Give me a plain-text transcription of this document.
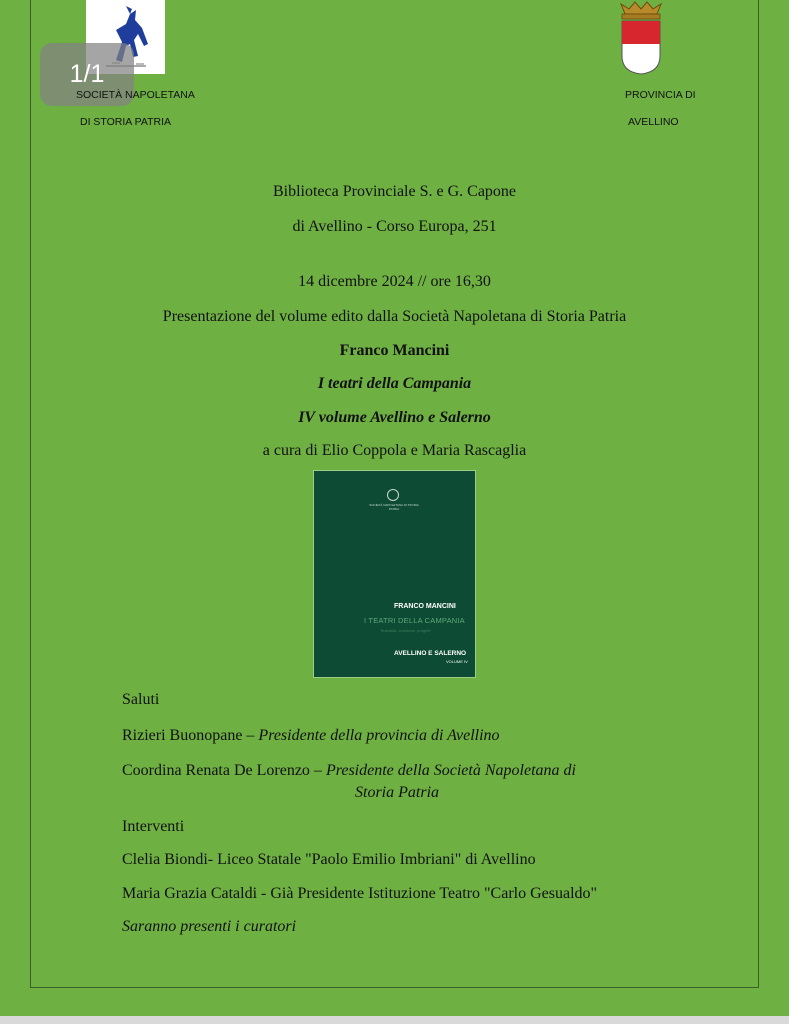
1/1
SOCIETÀ NAPOLETANA
DI STORIA PATRIA
PROVINCIA DI
AVELLINO
Biblioteca Provinciale S. e G. Capone
di Avellino - Corso Europa, 251
14 dicembre 2024 // ore 16,30
Presentazione del volume edito dalla Società Napoletana di Storia Patria
Franco Mancini
I teatri della Campania
IV volume Avellino e Salerno
a cura di Elio Coppola e Maria Rascaglia
SOCIETÀ NAPOLETANA DI STORIA PATRIA
FRANCO MANCINI
I TEATRI DELLA CAMPANIA
Teatralità, cronache, progetti
AVELLINO E SALERNO
VOLUME IV
Saluti
Rizieri Buonopane – Presidente della provincia di Avellino
Coordina Renata De Lorenzo – Presidente della Società Napoletana di
Storia Patria
Interventi
Clelia Biondi- Liceo Statale "Paolo Emilio Imbriani" di Avellino
Maria Grazia Cataldi - Già Presidente Istituzione Teatro "Carlo Gesualdo"
Saranno presenti i curatori
